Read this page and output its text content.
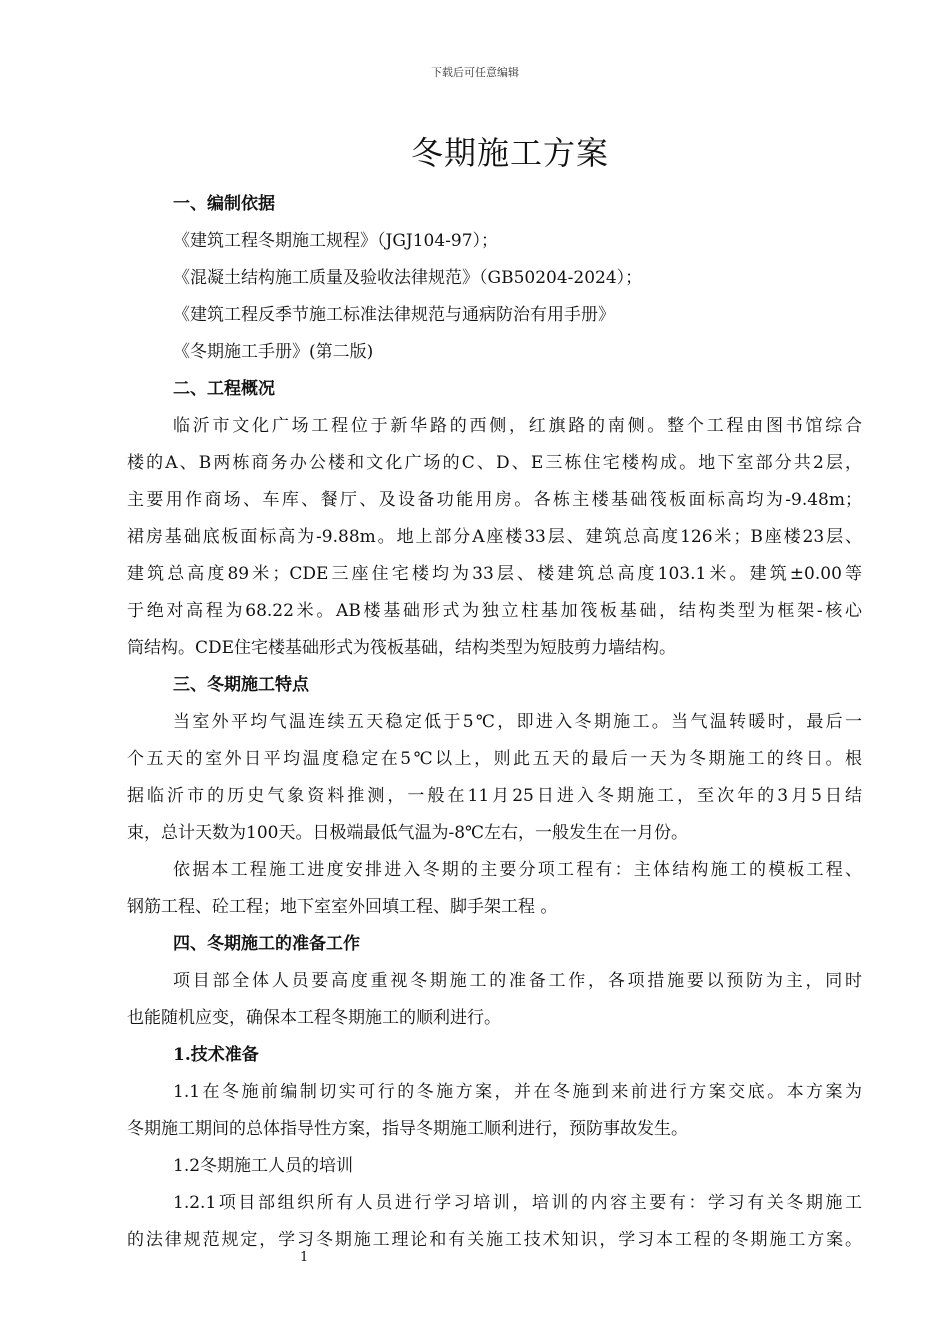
下载后可任意编辑
冬期施工方案
一、编制依据
《建筑工程冬期施工规程》（JGJ104-97）；
《混凝土结构施工质量及验收法律规范》（GB50204-2024）；
《建筑工程反季节施工标准法律规范与通病防治有用手册》
《冬期施工手册》(第二版)
二、工程概况
临沂市文化广场工程位于新华路的西侧，红旗路的南侧。整个工程由图书馆综合
楼的A、B两栋商务办公楼和文化广场的C、D、E三栋住宅楼构成。地下室部分共2层，
主要用作商场、车库、餐厅、及设备功能用房。各栋主楼基础筏板面标高均为-9.48m；
裙房基础底板面标高为-9.88m。地上部分A座楼33层、建筑总高度126米；B座楼23层、
建筑总高度89米；CDE三座住宅楼均为33层、楼建筑总高度103.1米。建筑±0.00等
于绝对高程为68.22米。AB楼基础形式为独立柱基加筏板基础，结构类型为框架-核心
筒结构。CDE住宅楼基础形式为筏板基础，结构类型为短肢剪力墙结构。
三、冬期施工特点
当室外平均气温连续五天稳定低于5℃，即进入冬期施工。当气温转暖时，最后一
个五天的室外日平均温度稳定在5℃以上，则此五天的最后一天为冬期施工的终日。根
据临沂市的历史气象资料推测，一般在11月25日进入冬期施工，至次年的3月5日结
束，总计天数为100天。日极端最低气温为-8℃左右，一般发生在一月份。
依据本工程施工进度安排进入冬期的主要分项工程有：主体结构施工的模板工程、
钢筋工程、砼工程；地下室室外回填工程、脚手架工程 。
四、冬期施工的准备工作
项目部全体人员要高度重视冬期施工的准备工作，各项措施要以预防为主，同时
也能随机应变，确保本工程冬期施工的顺利进行。
1.技术准备
1.1在冬施前编制切实可行的冬施方案，并在冬施到来前进行方案交底。本方案为
冬期施工期间的总体指导性方案，指导冬期施工顺利进行，预防事故发生。
1.2冬期施工人员的培训
1.2.1项目部组织所有人员进行学习培训，培训的内容主要有：学习有关冬期施工
的法律规范规定，学习冬期施工理论和有关施工技术知识，学习本工程的冬期施工方案。
1
